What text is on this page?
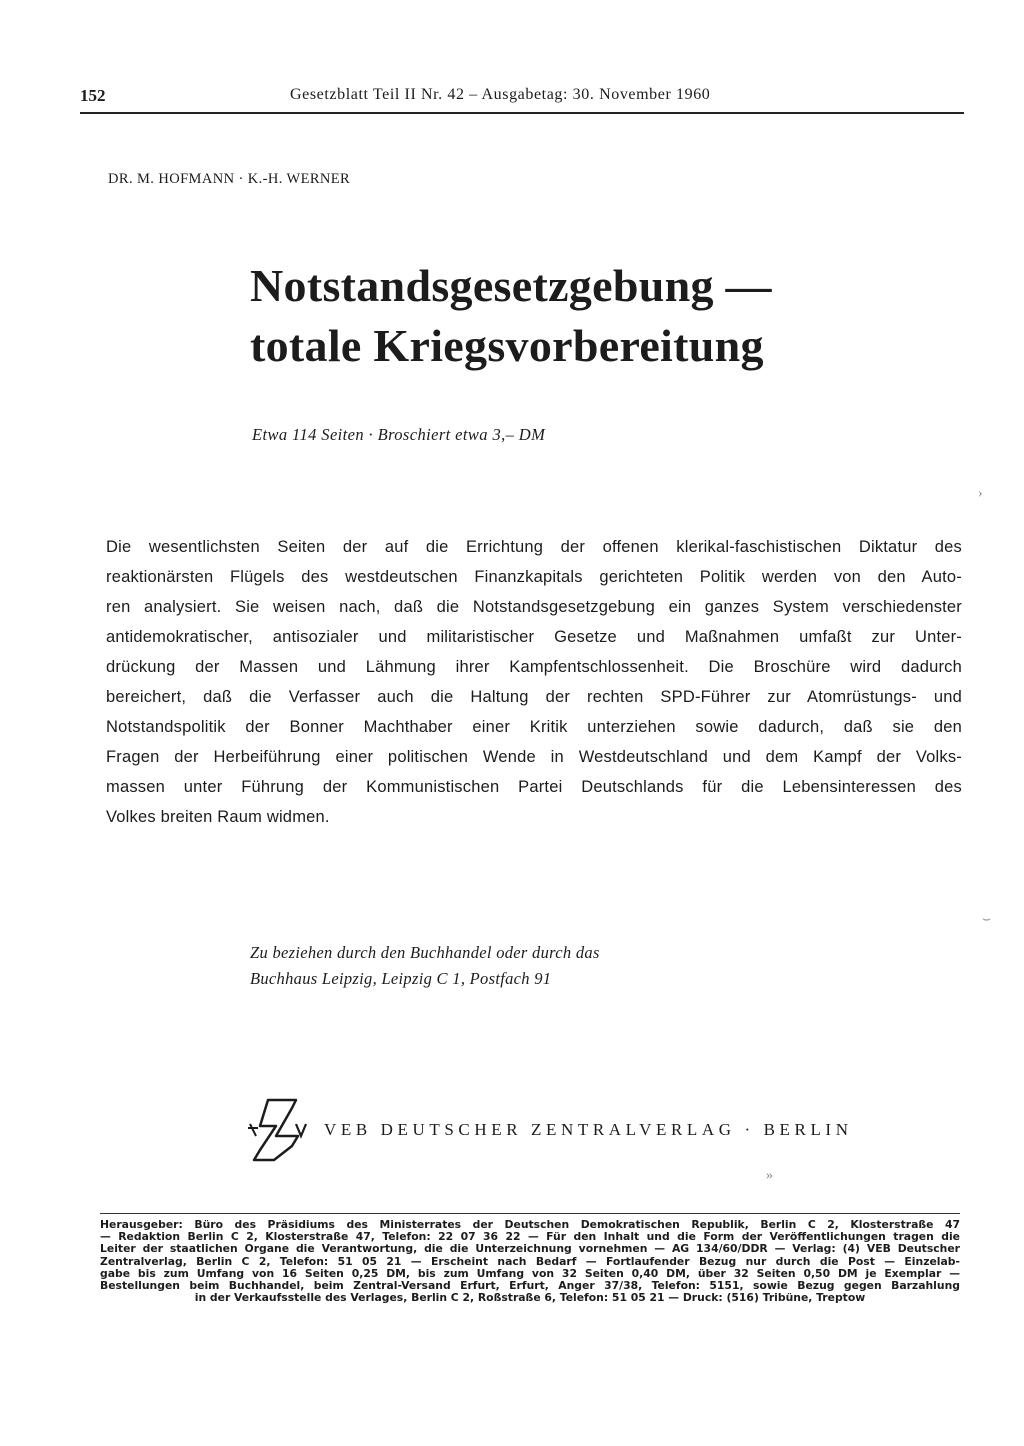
152	Gesetzblatt Teil II Nr. 42 – Ausgabetag: 30. November 1960
DR. M. HOFMANN · K.-H. WERNER
Notstandsgesetzgebung —
totale Kriegsvorbereitung
Etwa 114 Seiten · Broschiert etwa 3,– DM
Die wesentlichsten Seiten der auf die Errichtung der offenen klerikal-faschistischen Diktatur des
reaktionärsten Flügels des westdeutschen Finanzkapitals gerichteten Politik werden von den Auto-
ren analysiert. Sie weisen nach, daß die Notstandsgesetzgebung ein ganzes System verschiedenster
antidemokratischer, antisozialer und militaristischer Gesetze und Maßnahmen umfaßt zur Unter-
drückung der Massen und Lähmung ihrer Kampfentschlossenheit. Die Broschüre wird dadurch
bereichert, daß die Verfasser auch die Haltung der rechten SPD-Führer zur Atomrüstungs- und
Notstandspolitik der Bonner Machthaber einer Kritik unterziehen sowie dadurch, daß sie den
Fragen der Herbeiführung einer politischen Wende in Westdeutschland und dem Kampf der Volks-
massen unter Führung der Kommunistischen Partei Deutschlands für die Lebensinteressen des
Volkes breiten Raum widmen.
Zu beziehen durch den Buchhandel oder durch das
Buchhaus Leipzig, Leipzig C 1, Postfach 91
VEB DEUTSCHER ZENTRALVERLAG · BERLIN
›
⌣
»
Herausgeber: Büro des Präsidiums des Ministerrates der Deutschen Demokratischen Republik, Berlin C 2, Klosterstraße 47
— Redaktion Berlin C 2, Klosterstraße 47, Telefon: 22 07 36 22 — Für den Inhalt und die Form der Veröffentlichungen tragen die
Leiter der staatlichen Organe die Verantwortung, die die Unterzeichnung vornehmen — AG 134/60/DDR — Verlag: (4) VEB Deutscher
Zentralverlag, Berlin C 2, Telefon: 51 05 21 — Erscheint nach Bedarf — Fortlaufender Bezug nur durch die Post — Einzelab-
gabe bis zum Umfang von 16 Seiten 0,25 DM, bis zum Umfang von 32 Seiten 0,40 DM, über 32 Seiten 0,50 DM je Exemplar —
Bestellungen beim Buchhandel, beim Zentral-Versand Erfurt, Erfurt, Anger 37/38, Telefon: 5151, sowie Bezug gegen Barzahlung
in der Verkaufsstelle des Verlages, Berlin C 2, Roßstraße 6, Telefon: 51 05 21 — Druck: (516) Tribüne, Treptow
